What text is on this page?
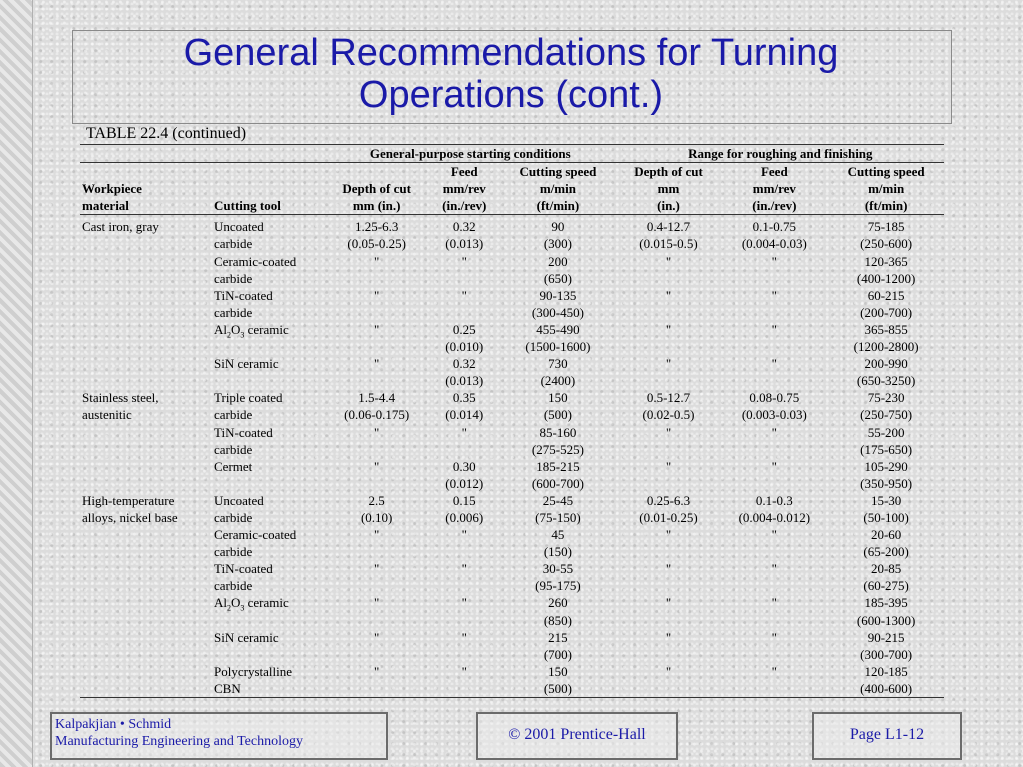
General Recommendations for Turning
Operations (cont.)
TABLE 22.4 (continued)

		General-purpose starting conditions			Range for roughing and finishing		
			Feed	Cutting speed	Depth of cut	Feed	Cutting speed
Workpiece		Depth of cut	mm/rev	m/min	mm	mm/rev	m/min
material	Cutting tool	mm (in.)	(in./rev)	(ft/min)	(in.)	(in./rev)	(ft/min)
Cast iron, gray	Uncoated	1.25-6.3	0.32	90	0.4-12.7	0.1-0.75	75-185
	carbide	(0.05-0.25)	(0.013)	(300)	(0.015-0.5)	(0.004-0.03)	(250-600)
	Ceramic-coated	"	"	200	"	"	120-365
	carbide			(650)			(400-1200)
	TiN-coated	"	"	90-135	"	"	60-215
	carbide			(300-450)			(200-700)
	$Al_2O_3$ ceramic	"	0.25	455-490	"	"	365-855
			(0.010)	(1500-1600)			(1200-2800)
	SiN ceramic	"	0.32	730	"	"	200-990
			(0.013)	(2400)			(650-3250)
Stainless steel,	Triple coated	1.5-4.4	0.35	150	0.5-12.7	0.08-0.75	75-230
austenitic	carbide	(0.06-0.175)	(0.014)	(500)	(0.02-0.5)	(0.003-0.03)	(250-750)
	TiN-coated	"	"	85-160	"	"	55-200
	carbide			(275-525)			(175-650)
	Cermet	"	0.30	185-215	"	"	105-290
			(0.012)	(600-700)			(350-950)
High-temperature	Uncoated	2.5	0.15	25-45	0.25-6.3	0.1-0.3	15-30
alloys, nickel base	carbide	(0.10)	(0.006)	(75-150)	(0.01-0.25)	(0.004-0.012)	(50-100)
	Ceramic-coated	"	"	45	"	"	20-60
	carbide			(150)			(65-200)
	TiN-coated	"	"	30-55	"	"	20-85
	carbide			(95-175)			(60-275)
	$Al_2O_3$ ceramic	"	"	260	"	"	185-395
				(850)			(600-1300)
	SiN ceramic	"	"	215	"	"	90-215
				(700)			(300-700)
	Polycrystalline	"	"	150	"	"	120-185
	CBN			(500)			(400-600)

Kalpakjian • Schmid
Manufacturing Engineering and Technology	© 2001 Prentice-Hall	Page L1-12
